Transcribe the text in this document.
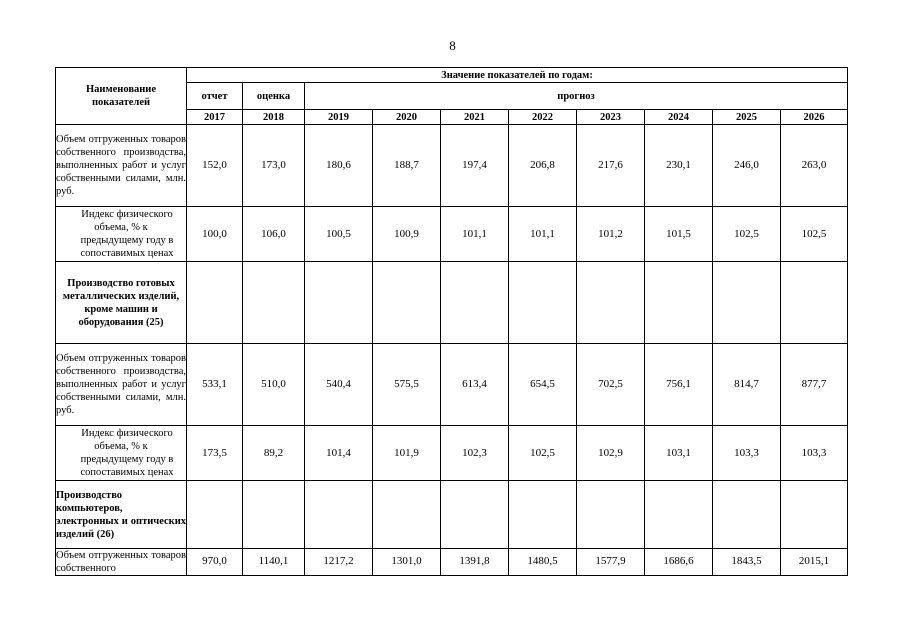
8
Наименование показателей	Значение показателей по годам:									
	отчет	оценка	прогноз							
	2017	2018	2019	2020	2021	2022	2023	2024	2025	2026
Объем отгруженных товаров собственного производства, выполненных работ и услуг собственными силами, млн. руб.	152,0	173,0	180,6	188,7	197,4	206,8	217,6	230,1	246,0	263,0

Индекс физического
объема, % к
предыдущему году в
сопоставимых ценах	100,0	106,0	100,5	100,9	101,1	101,1	101,2	101,5	102,5	102,5
Производство готовых металлических изделий, кроме машин и оборудования (25)										
Объем отгруженных товаров собственного производства, выполненных работ и услуг собственными силами, млн. руб.	533,1	510,0	540,4	575,5	613,4	654,5	702,5	756,1	814,7	877,7

Индекс физического
объема, % к
предыдущему году в
сопоставимых ценах	173,5	89,2	101,4	101,9	102,3	102,5	102,9	103,1	103,3	103,3
Производство компьютеров, электронных и оптических изделий (26)										
Объем отгруженных товаров собственного	970,0	1140,1	1217,2	1301,0	1391,8	1480,5	1577,9	1686,6	1843,5	2015,1
